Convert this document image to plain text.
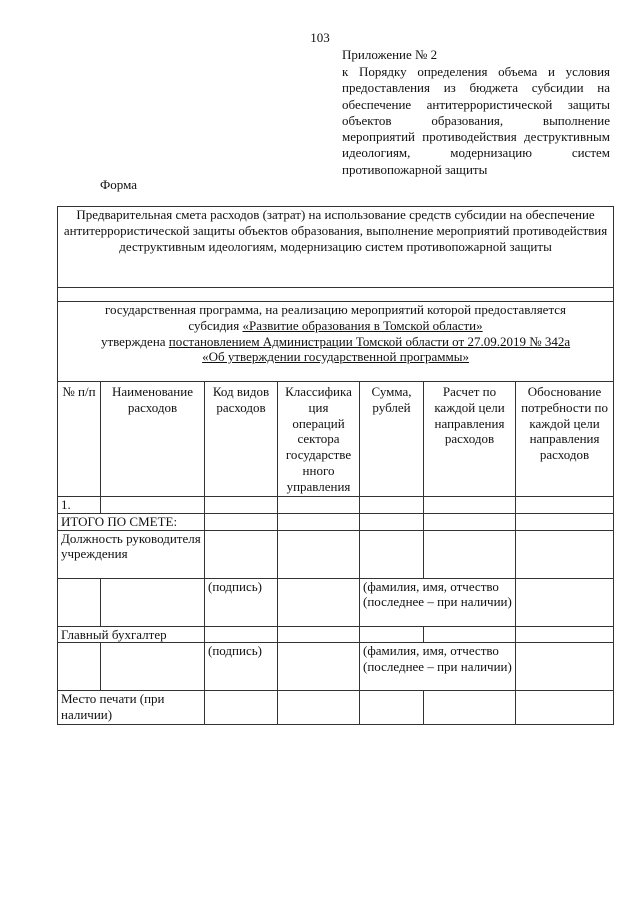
103
Приложение № 2
к Порядку определения объема и условия предоставления из бюджета субсидии на обеспечение антитеррористической защиты объектов образования, выполнение мероприятий противодействия деструктивным идеологиям, модернизацию систем противопожарной защиты
Форма
Предварительная смета расходов (затрат) на использование средств субсидии на обеспечение антитеррористической защиты объектов образования, выполнение мероприятий противодействия деструктивным идеологиям, модернизацию систем противопожарной защиты						

государственная программа, на реализацию мероприятий которой предоставляется
субсидия «Развитие образования в Томской области»
утверждена постановлением Администрации Томской области от 27.09.2019 № 342а
«Об утверждении государственной программы»						

№ п/п	Наименование расходов	Код видов расходов	Классифика ция операций сектора государстве нного управления	Сумма, рублей	Расчет по каждой цели направления расходов	Обоснование потребности по каждой цели направления расходов
1.						
ИТОГО ПО СМЕТЕ:						
Должность руководителя учреждения						
		(подпись)		(фамилия, имя, отчество (последнее – при наличии)		
Главный бухгалтер						
		(подпись)		(фамилия, имя, отчество (последнее – при наличии)		
Место печати (при наличии)						
